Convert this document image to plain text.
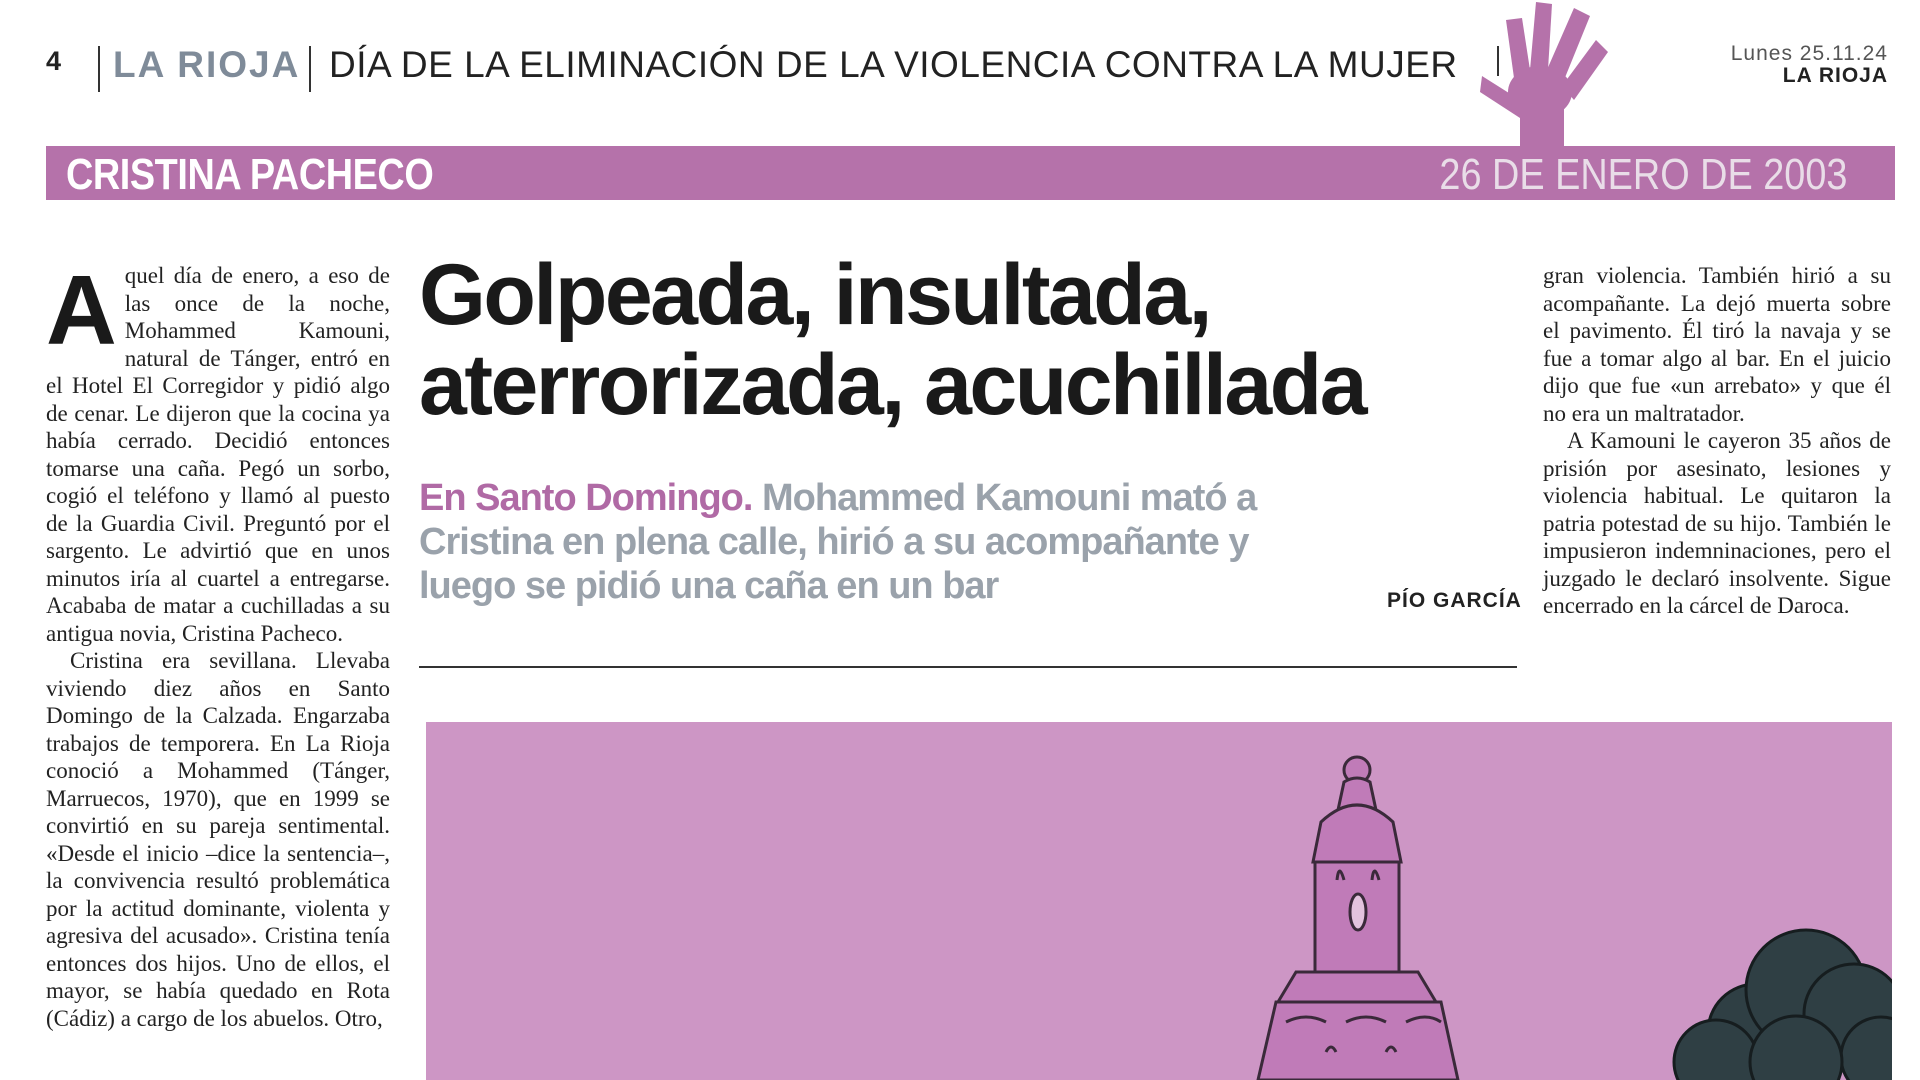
4 LA RIOJA DÍA DE LA ELIMINACIÓN DE LA VIOLENCIA CONTRA LA MUJER	Lunes 25.11.24
LA RIOJA
CRISTINA PACHECO	26 DE ENERO DE 2003

Aquel día de enero, a eso de las once de la noche, Mohammed Kamouni, natural de Tánger, entró en el Hotel El Corregidor y pidió algo de cenar. Le dijeron que la cocina ya había cerrado. Decidió entonces tomarse una caña. Pegó un sorbo, cogió el teléfono y llamó al puesto de la Guardia Civil. Preguntó por el sargento. Le advirtió que en unos minutos iría al cuartel a entregarse. Acababa de matar a cuchilladas a su antigua novia, Cristina Pacheco.

Cristina era sevillana. Llevaba viviendo diez años en Santo Domingo de la Calzada. Engarzaba trabajos de temporera. En La Rioja conoció a Mohammed (Tánger, Marruecos, 1970), que en 1999 se convirtió en su pareja sentimental. «Desde el inicio –dice la sentencia–, la convivencia resultó problemática por la actitud dominante, violenta y agresiva del acusado». Cristina tenía entonces dos hijos. Uno de ellos, el mayor, se había quedado en Rota (Cádiz) a cargo de los abuelos. Otro,

Golpeada, insultada,
aterrorizada, acuchillada
En Santo Domingo. Mohammed Kamouni mató a Cristina en plena calle, hirió a su acompañante y luego se pidió una caña en un bar	PÍO GARCÍA

gran violencia. También hirió a su acompañante. La dejó muerta sobre el pavimento. Él tiró la navaja y se fue a tomar algo al bar. En el juicio dijo que fue «un arrebato» y que él no era un maltratador.

A Kamouni le cayeron 35 años de prisión por asesinato, lesiones y violencia habitual. Le quitaron la patria potestad de su hijo. También le impusieron indemninaciones, pero el juzgado le declaró insolvente. Sigue encerrado en la cárcel de Daroca.
